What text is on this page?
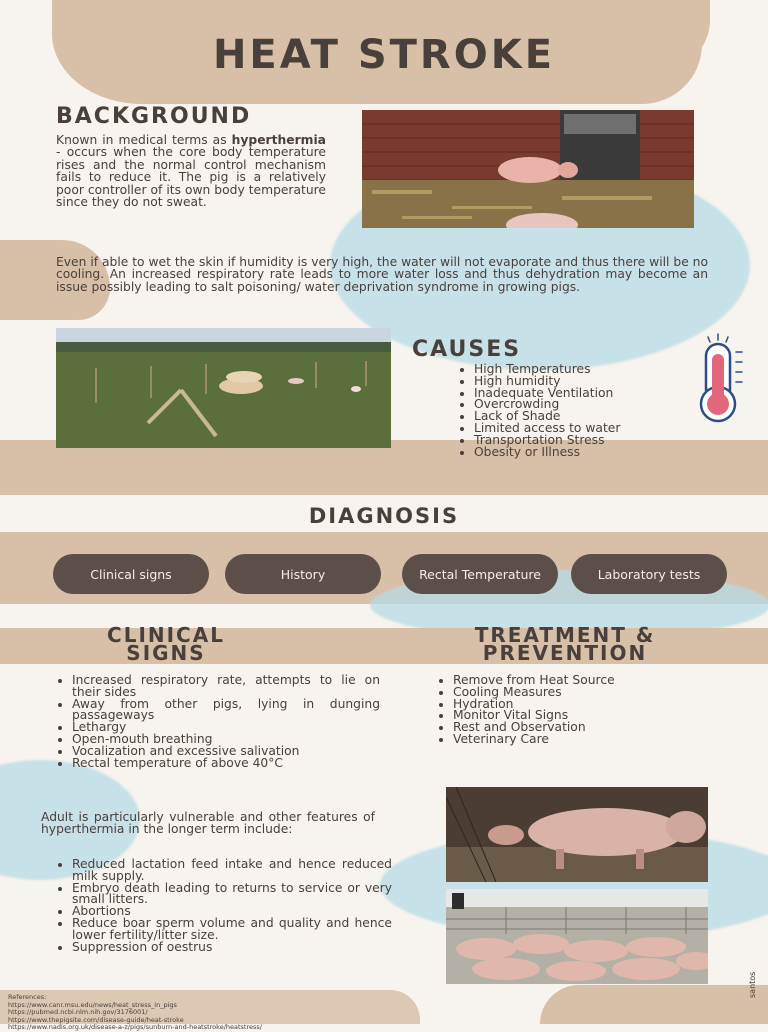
HEAT STROKE
BACKGROUND
Known in medical terms as hyperthermia - occurs when the core body temperature rises and the normal control mechanism fails to reduce it. The pig is a relatively poor controller of its own body temperature since they do not sweat.
Even if able to wet the skin if humidity is very high, the water will not evaporate and thus there will be no cooling. An increased respiratory rate leads to more water loss and thus dehydration may become an issue possibly leading to salt poisoning/ water deprivation syndrome in growing pigs.
CAUSES
• High Temperatures
• High humidity
• Inadequate Ventilation
• Overcrowding
• Lack of Shade
• Limited access to water
• Transportation Stress
• Obesity or Illness
DIAGNOSIS
Clinical signs	History	Rectal Temperature	Laboratory tests
CLINICAL
SIGNS
• Increased respiratory rate, attempts to lie on their sides
• Away from other pigs, lying in dunging passageways
• Lethargy
• Open-mouth breathing
• Vocalization and excessive salivation
• Rectal temperature of above 40°C
Adult is particularly vulnerable and other features of hyperthermia in the longer term include:
• Reduced lactation feed intake and hence reduced milk supply.
• Embryo death leading to returns to service or very small litters.
• Abortions
• Reduce boar sperm volume and quality and hence lower fertility/litter size.
• Suppression of oestrus
TREATMENT &
PREVENTION
• Remove from Heat Source
• Cooling Measures
• Hydration
• Monitor Vital Signs
• Rest and Observation
• Veterinary Care
References:
https://www.canr.msu.edu/news/heat_stress_in_pigs
https://pubmed.ncbi.nlm.nih.gov/3176001/
https://www.thepigsite.com/disease-guide/heat-stroke
https://www.nadis.org.uk/disease-a-z/pigs/sunburn-and-heatstroke/heatstress/
santos
